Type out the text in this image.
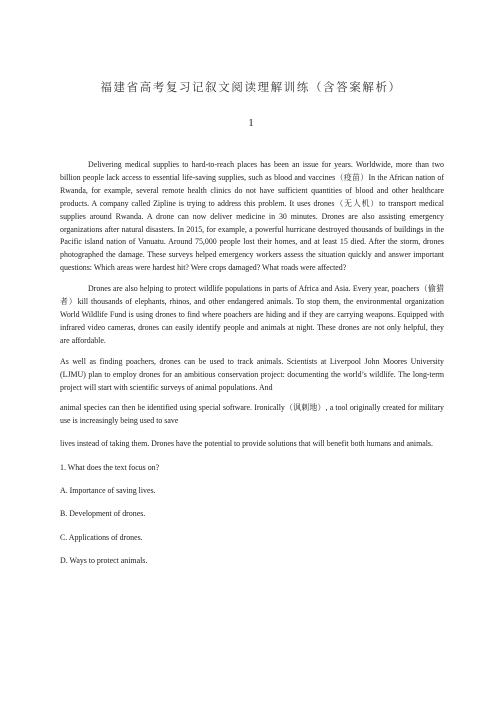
福建省高考复习记叙文阅读理解训练（含答案解析）
1

Delivering medical supplies to hard-to-reach places has been an issue for years. Worldwide, more than two billion people lack access to essential life-saving supplies, such as blood and vaccines（疫苗）In the African nation of Rwanda, for example, several remote health clinics do not have sufficient quantities of blood and other healthcare products. A company called Zipline is trying to address this problem. It uses drones（无人机）to transport medical supplies around Rwanda. A drone can now deliver medicine in 30 minutes. Drones are also assisting emergency organizations after natural disasters. In 2015, for example, a powerful hurricane destroyed thousands of buildings in the Pacific island nation of Vanuatu. Around 75,000 people lost their homes, and at least 15 died. After the storm, drones photographed the damage. These surveys helped emergency workers assess the situation quickly and answer important questions: Which areas were hardest hit? Were crops damaged? What roads were affected?

Drones are also helping to protect wildlife populations in parts of Africa and Asia. Every year, poachers（偷猎者）kill thousands of elephants, rhinos, and other endangered animals. To stop them, the environmental organization World Wildlife Fund is using drones to find where poachers are hiding and if they are carrying weapons. Equipped with infrared video cameras, drones can easily identify people and animals at night. These drones are not only helpful, they are affordable.

As well as finding poachers, drones can be used to track animals. Scientists at Liverpool John Moores University (LJMU) plan to employ drones for an ambitious conservation project: documenting the world’s wildlife. The long-term project will start with scientific surveys of animal populations. And

animal species can then be identified using special software. Ironically（讽刺地）, a tool originally created for military use is increasingly being used to save

lives instead of taking them. Drones have the potential to provide solutions that will benefit both humans and animals.

1. What does the text focus on?

A. Importance of saving lives.

B. Development of drones.

C. Applications of drones.

D. Ways to protect animals.
